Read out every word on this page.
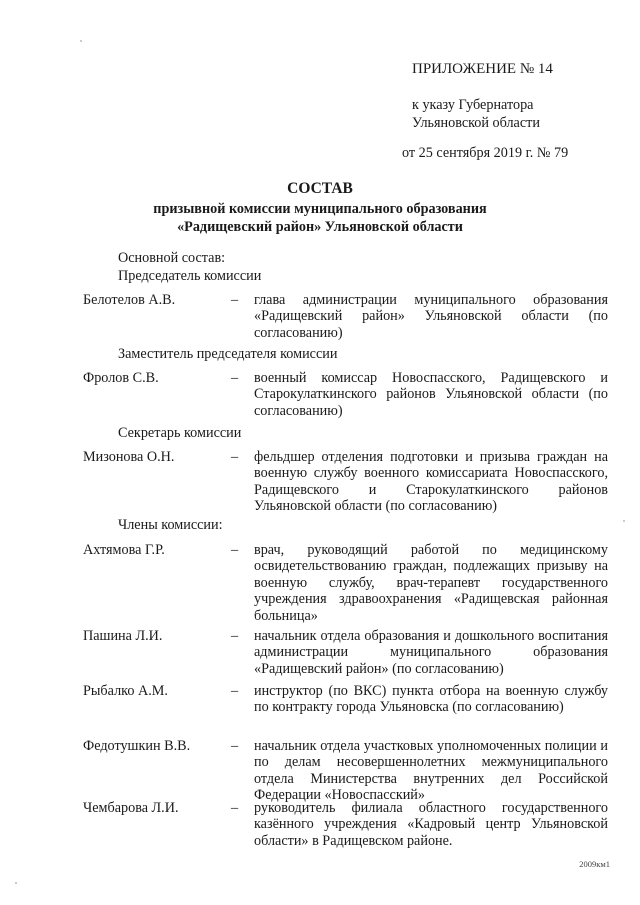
ПРИЛОЖЕНИЕ № 14
к указу Губернатора
Ульяновской области
от 25 сентября 2019 г. № 79
СОСТАВ
призывной комиссии муниципального образования
«Радищевский район» Ульяновской области
Основной состав:
Председатель комиссии
Белотелов А.В.	– глава администрации муниципального образования «Радищевский район» Ульяновской области (по согласованию)
Заместитель председателя комиссии
Фролов С.В.	– военный комиссар Новоспасского, Радищевского и Старокулаткинского районов Ульяновской области (по согласованию)
Секретарь комиссии
Мизонова О.Н.	– фельдшер отделения подготовки и призыва граждан на военную службу военного комиссариата Новоспасского, Радищевского и Старокулаткинского районов Ульяновской области (по согласованию)
Члены комиссии:
Ахтямова Г.Р.	– врач, руководящий работой по медицинскому освидетельствованию граждан, подлежащих призыву на военную службу, врач-терапевт государственного учреждения здравоохранения «Радищевская районная больница»
Пашина Л.И.	– начальник отдела образования и дошкольного воспитания администрации муниципального образования «Радищевский район» (по согласованию)
Рыбалко А.М.	– инструктор (по ВКС) пункта отбора на военную службу по контракту города Ульяновска (по согласованию)
Федотушкин В.В.	– начальник отдела участковых уполномоченных полиции и по делам несовершеннолетних межмуниципального отдела Министерства внутренних дел Российской Федерации «Новоспасский»
Чембарова Л.И.	– руководитель филиала областного государственного казённого учреждения «Кадровый центр Ульяновской области» в Радищевском районе.
2009км1
